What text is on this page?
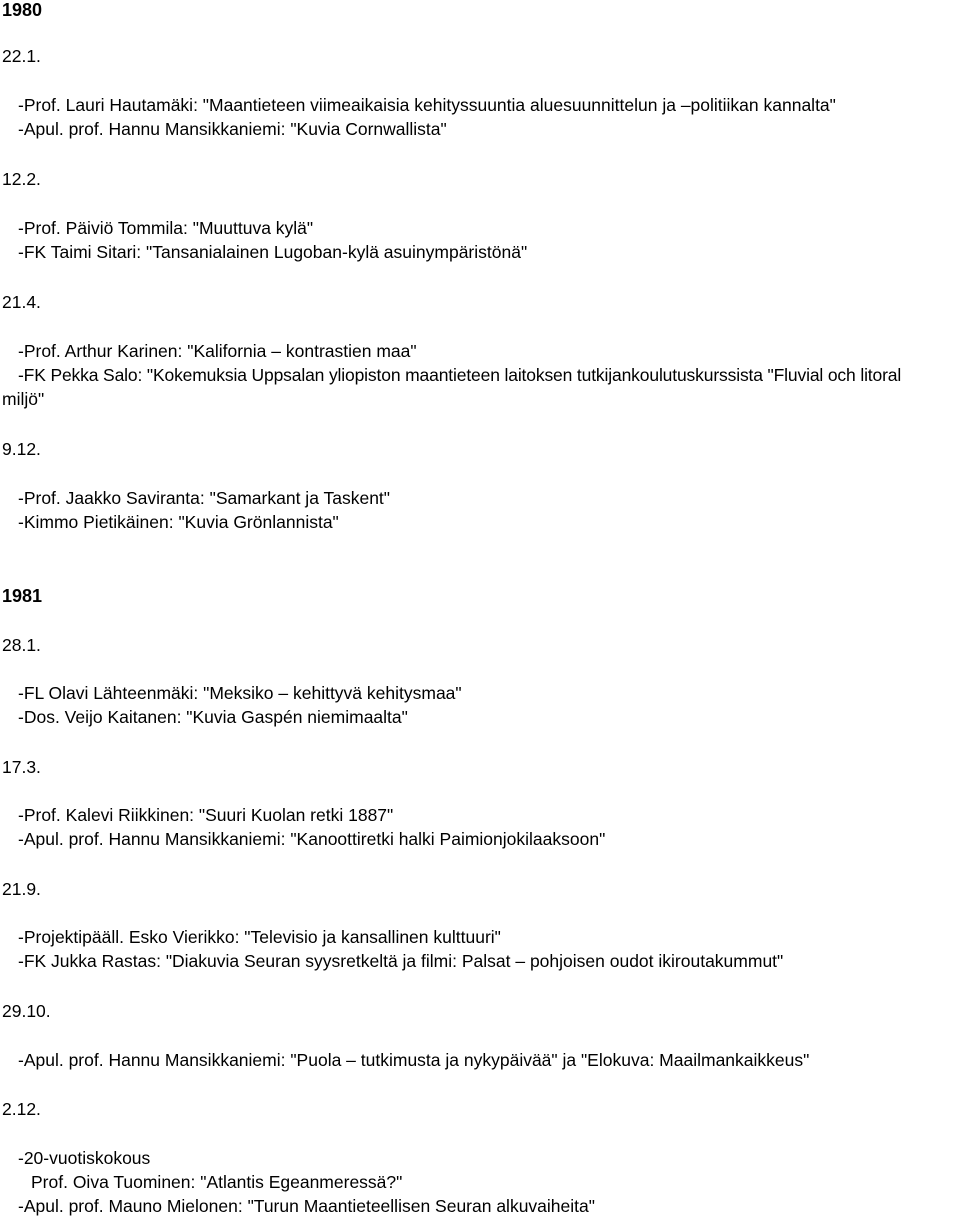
1980
22.1.
-Prof. Lauri Hautamäki: "Maantieteen viimeaikaisia kehityssuuntia aluesuunnittelun ja –politiikan kannalta"
-Apul. prof. Hannu Mansikkaniemi: "Kuvia Cornwallista"
12.2.
-Prof. Päiviö Tommila: "Muuttuva kylä"
-FK Taimi Sitari: "Tansanialainen Lugoban-kylä asuinympäristönä"
21.4.
-Prof. Arthur Karinen: "Kalifornia – kontrastien maa"
-FK Pekka Salo: "Kokemuksia Uppsalan yliopiston maantieteen laitoksen tutkijankoulutuskurssista "Fluvial och litoral
miljö"
9.12.
-Prof. Jaakko Saviranta: "Samarkant ja Taskent"
-Kimmo Pietikäinen: "Kuvia Grönlannista"
1981
28.1.
-FL Olavi Lähteenmäki: "Meksiko – kehittyvä kehitysmaa"
-Dos. Veijo Kaitanen: "Kuvia Gaspén niemimaalta"
17.3.
-Prof. Kalevi Riikkinen: "Suuri Kuolan retki 1887"
-Apul. prof. Hannu Mansikkaniemi: "Kanoottiretki halki Paimionjokilaaksoon"
21.9.
-Projektipääll. Esko Vierikko: "Televisio ja kansallinen kulttuuri"
-FK Jukka Rastas: "Diakuvia Seuran syysretkeltä ja filmi: Palsat – pohjoisen oudot ikiroutakummut"
29.10.
-Apul. prof. Hannu Mansikkaniemi: "Puola – tutkimusta ja nykypäivää" ja "Elokuva: Maailmankaikkeus"
2.12.
-20-vuotiskokous
Prof. Oiva Tuominen: "Atlantis Egeanmeressä?"
-Apul. prof. Mauno Mielonen: "Turun Maantieteellisen Seuran alkuvaiheita"
